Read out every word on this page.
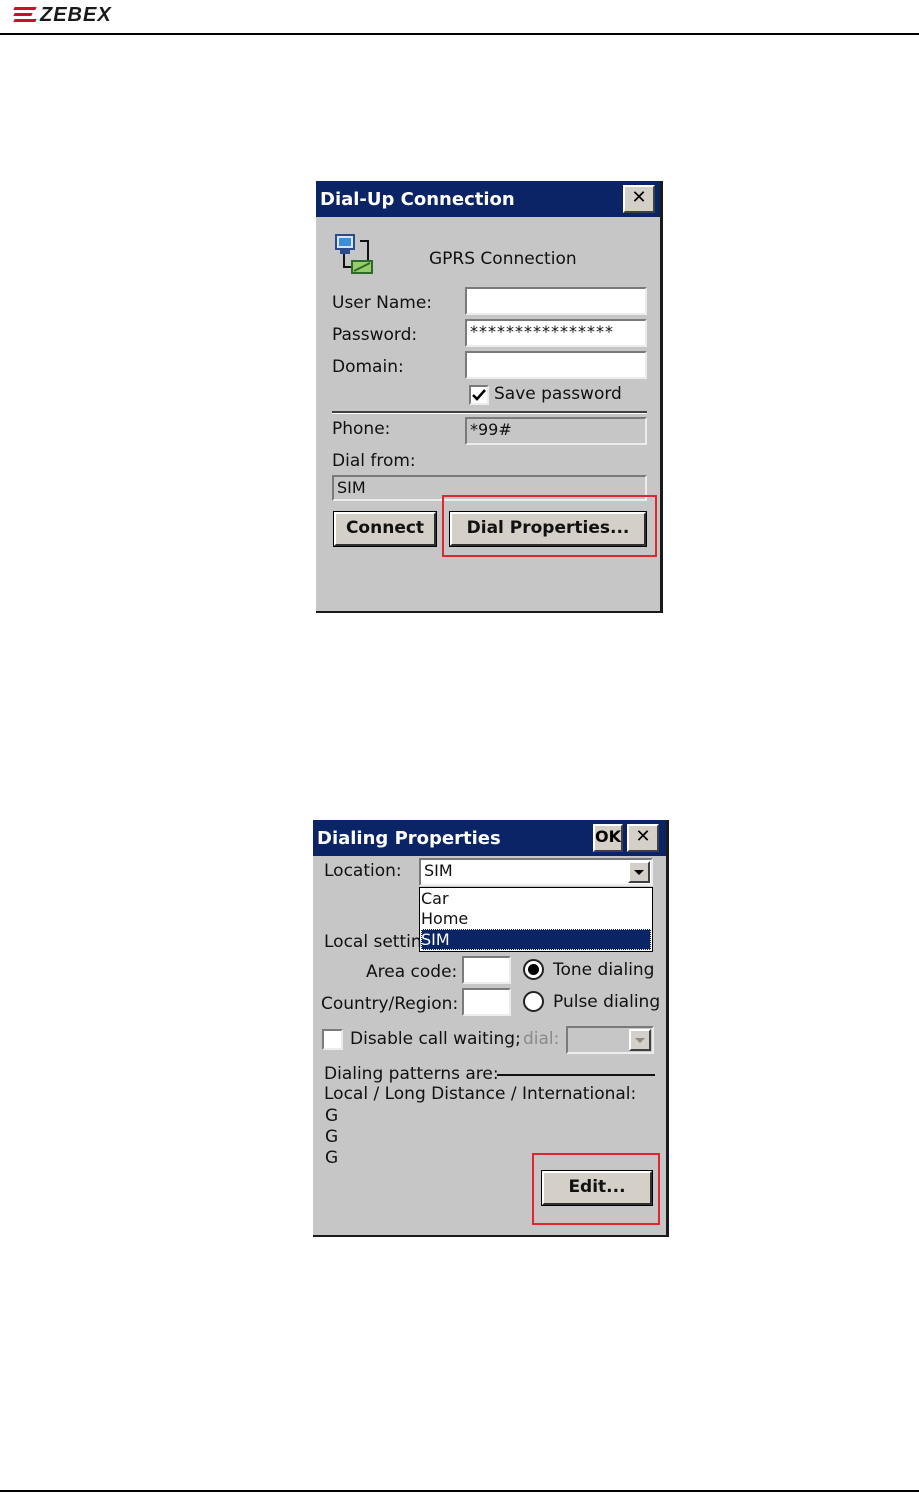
ZEBEX
Dial-Up Connection	✕
GPRS Connection
User Name:
Password:	****************
Domain:
Save password
Phone:	*99#
Dial from:
SIM
Connect	Dial Properties...
Dialing Properties	OK ✕
Location:	SIM
Car
Home
SIM
Local settin
Area code:	Tone dialing
Country/Region:	Pulse dialing
Disable call waiting; dial:
Dialing patterns are:
Local / Long Distance / International:
G
G
G
Edit...
